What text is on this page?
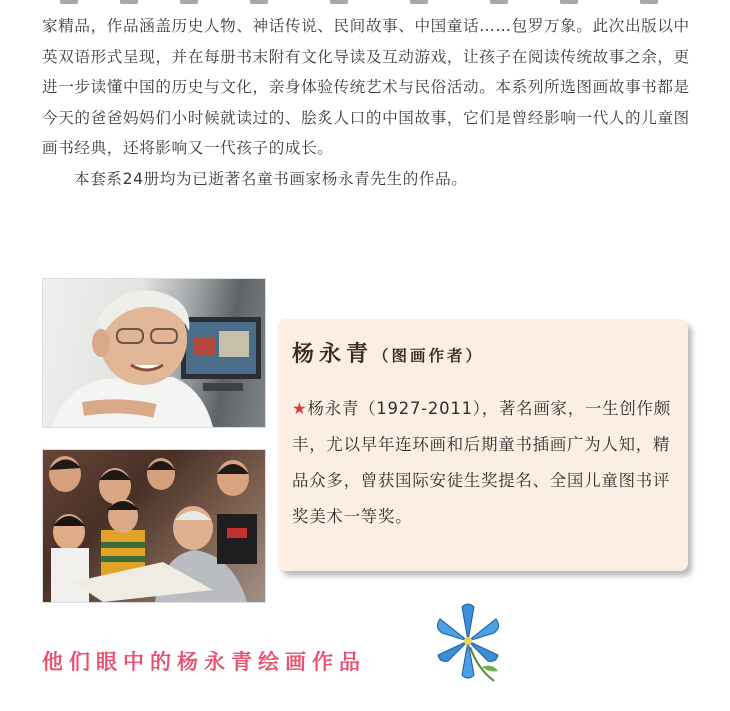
家精品，作品涵盖历史人物、神话传说、民间故事、中国童话……包罗万象。此次出版以中英双语形式呈现，并在每册书末附有文化导读及互动游戏，让孩子在阅读传统故事之余，更进一步读懂中国的历史与文化，亲身体验传统艺术与民俗活动。本系列所选图画故事书都是今天的爸爸妈妈们小时候就读过的、脍炙人口的中国故事，它们是曾经影响一代人的儿童图画书经典，还将影响又一代孩子的成长。

本套系24册均为已逝著名童书画家杨永青先生的作品。

杨永青（图画作者）

★杨永青（1927-2011），著名画家，一生创作颇丰，尤以早年连环画和后期童书插画广为人知，精品众多，曾获国际安徒生奖提名、全国儿童图书评奖美术一等奖。

他们眼中的杨永青绘画作品
